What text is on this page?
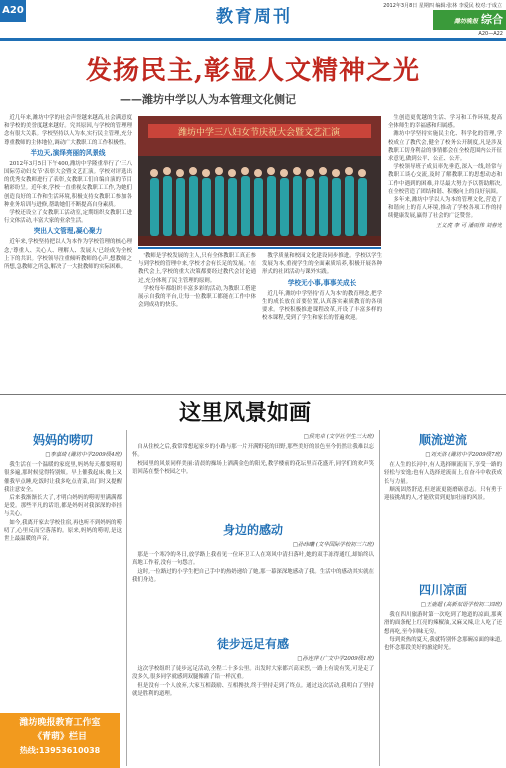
A20	2012年3月8日 星期四 编辑:张林 李爱民 校对:于成立
教育周刊	潍坊晚报 综合
A20—A22
发扬民主,彰显人文精神之光
——潍坊中学以人为本管理文化侧记

近几年来,潍坊中学的社会声誉越来越高,社会满意度和学校的美誉度越来越好。究其原因,与学校的管理理念有很大关系。学校坚持以人为本,实行民主管理,充分尊重教师的主体地位,调动广大教职工的工作积极性。

半边天,演绎亮丽的风景线

2012年3月5日下午400,潍坊中学隆重举行了'三八国际劳动妇女节'表彰大会暨文艺汇演。学校对评选出的优秀女教师进行了表彰,女教职工们自编自演的节目精彩纷呈。近年来,学校一直重视女教职工工作,为她们创造良好的工作和生活环境,积极支持女教职工参加各种业务培训与进修,帮助她们不断提高自身素质。

学校还设立了女教职工活动室,定期组织女教职工进行文体活动,丰富大家的业余生活。

突出人文管理,凝心聚力

近年来,学校坚持把以人为本作为学校管理的核心理念,'尊重人、关心人、理解人、发展人'已经成为全校上下的共识。学校领导注重倾听教师的心声,想教师之所想,急教师之所急,解决了一大批教师的实际困难。

潍坊中学三八妇女节庆祝大会暨文艺汇演

'教师是学校发展的主人,只有全体教职工真正参与到学校的管理中来,学校才会有长足的发展。'在教代会上,学校的重大决策都要经过教代会讨论通过,充分体现了民主管理的原则。

学校每年都组织丰富多彩的活动,为教职工搭建展示自我的平台,让每一位教职工都能在工作中体会到成功的快乐。

教学质量和校园文化建设同步推进。学校以学生发展为本,重视学生的全面素质培养,积极开展各种形式的社团活动与课外实践。

学校无小事,事事关成长

近几年,潍坊中学坚持'育人为本'的教育理念,把学生的成长放在首要位置,认真落实素质教育的各项要求。学校积极推进课程改革,开设了丰富多样的校本课程,受到了学生和家长的普遍欢迎。

生创造更优越的生活、学习和工作环境,提高全体师生的幸福感和归属感。

潍坊中学坚持实施民主化、科学化的管理,学校成立了教代会,健全了校务公开制度,凡是涉及教职工切身利益的事情都会在全校范围内公开征求意见,做到公平、公正、公开。

学校领导班子成员率先垂范,深入一线,经常与教职工谈心交流,及时了解教职工的思想动态和工作中遇到的困难,并尽最大努力予以帮助解决,在全校营造了团结和谐、积极向上的良好氛围。

多年来,潍坊中学以人为本的管理文化,营造了和谐向上的育人环境,推动了学校各项工作的持续健康发展,赢得了社会的广泛赞誉。

王义虎 李 可 潘雨伟 刘春光

这里风景如画
妈妈的唠叨

□李嘉琦 (潍坊中学2009级4班)

我生活在一个温暖的家庭里,妈妈每天都要唠叨很多遍,那时候觉得特别烦。早上催我起床,晚上又催我早点睡,吃饭时让我多吃点青菜,出门时又提醒我注意安全。

后来我渐渐长大了,才明白妈妈的唠叨里满满都是爱。那些平凡的话语,都是妈妈对我深深的牵挂与关心。

如今,我离开家去学校住宿,再也听不到妈妈的唠叨了,心里反而空落落的。原来,妈妈的唠叨,是这世上最温暖的声音。

□侯宪卓 (文学社学生三大班)

自从住校之后,我常常想起家乡的小路与那一片开满野花的田野,那些美好的景色至今仍然让我难以忘怀。

校园里的风景同样美丽:清晨的操场上洒满金色的阳光,教学楼前的花坛里百花盛开,同学们的欢声笑语回荡在整个校园之中。

身边的感动

□孙玮曦 (文华国际学校初三六班)

那是一个寒冷的冬日,放学路上我看见一位环卫工人在寒风中清扫落叶,她的双手冻得通红,却始终认真地工作着,没有一句怨言。

这时,一位路过的小学生把自己手中的热奶递给了她,那一幕深深地感动了我。生活中的感动其实就在我们身边。

徒步远足有感

□孙连萍 (广文中学2009级1班)

这次学校组织了徒步远足活动,全程二十多公里。出发时大家都兴高采烈,一路上有说有笑,可是走了没多久,很多同学就感到双腿像灌了铅一样沉重。

但是没有一个人放弃,大家互相鼓励、互相搀扶,终于坚持走到了终点。通过这次活动,我明白了坚持就是胜利的道理。

顺流逆流

□刘天洛 (潍坊中学2009级7班)

在人生的长河中,有人选择顺流而下,享受一路的轻松与安逸;也有人选择逆流而上,在奋斗中收获成长与力量。

顺流固然舒适,但逆流更能磨砺意志。只有勇于迎接挑战的人,才能欣赏到更加壮丽的风景。

四川凉面

□王鹿超 (高新双语学校初二四班)

我在四川旅游时第一次吃到了地道的凉面,那爽滑的面条配上红亮的辣椒油,又麻又辣,让人吃了还想再吃,至今回味无穷。

每到炎热的夏天,我就特别怀念那碗凉面的味道,也怀念那段美好的旅途时光。

潍坊晚报教育工作室
《青萌》栏目
热线:13953610038
